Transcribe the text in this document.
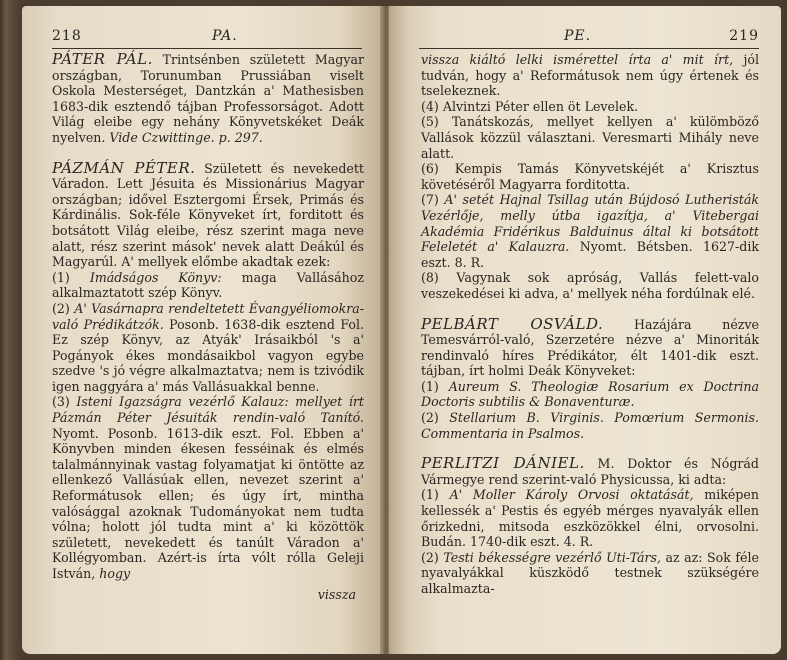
218	PA.

PÁTER PÁL. Trintsénben született Magyar országban, Torunumban Prussiában viselt Oskola Mesterséget, Dantzkán a' Mathesisben 1683-dik esztendő tájban Professorságot. Adott Világ eleibe egy nehány Könyvetskéket Deák nyelven. Vide Czwittinge. p. 297.

PÁZMÁN PÉTER. Született és nevekedett Váradon. Lett Jésuita és Missionárius Magyar országban; idővel Esztergomi Érsek, Primás és Kárdinális. Sok-féle Könyveket írt, forditott és botsátott Világ eleibe, rész szerint maga neve alatt, rész szerint mások' nevek alatt Deákúl és Magyarúl. A' mellyek előmbe akadtak ezek:

(1) Imádságos Könyv: maga Vallásához alkalmaztatott szép Könyv.

(2) A' Vasárnapra rendeltetett Évangyéliomokra-való Prédikátzók. Posonb. 1638-dik esztend Fol. Ez szép Könyv, az Atyák' Irásaikból 's a' Pogányok ékes mondásaikbol vagyon egybe szedve 's jó végre alkalmaztatva; nem is tzivódik igen naggyára a' más Vallásuakkal benne.

(3) Isteni Igazságra vezérlő Kalauz: mellyet írt Pázmán Péter Jésuiták rendin-való Tanító. Nyomt. Posonb. 1613-dik eszt. Fol. Ebben a' Könyvben minden ékesen fesséinak és elmés talalmánnyinak vastag folyamatjat ki öntötte az ellenkező Vallásúak ellen, nevezet szerint a' Reformátusok ellen; és úgy írt, mintha valósággal azoknak Tudományokat nem tudta vólna; holott jól tudta mint a' ki közöttök született, nevekedett és tanúlt Váradon a' Kollégyomban. Azért-is írta vólt rólla Geleji István, hogy

vissza
PE.	219

vissza kiáltó lelki ismérettel írta a' mit írt, jól tudván, hogy a' Reformátusok nem úgy értenek és tselekeznek.

(4) Alvintzi Péter ellen öt Levelek.

(5) Tanátskozás, mellyet kellyen a' külömböző Vallások közzül választani. Veresmarti Mihály neve alatt.

(6) Kempis Tamás Könyvetskéjét a' Krisztus követéséről Magyarra forditotta.

(7) A' setét Hajnal Tsillag után Bújdosó Lutheristák Vezérlője, melly útba igazítja, a' Vitebergai Akadémia Fridérikus Balduinus által ki botsátott Feleletét a' Kalauzra. Nyomt. Bétsben. 1627-dik eszt. 8. R.

(8) Vagynak sok apróság, Vallás felett-valo veszekedései ki adva, a' mellyek néha fordúlnak elé.

PELBÁRT OSVÁLD. Hazájára nézve Temesvárról-való, Szerzetére nézve a' Minoriták rendinvaló híres Prédikátor, élt 1401-dik eszt. tájban, írt holmi Deák Könyveket:

(1) Aureum S. Theologiæ Rosarium ex Doctrina Doctoris subtilis & Bonaventuræ.

(2) Stellarium B. Virginis. Pomœrium Sermonis. Commentaria in Psalmos.

PERLITZI DÁNIEL. M. Doktor és Nógrád Vármegye rend szerint-való Physicussa, ki adta:

(1) A' Moller Károly Orvosi oktatását, miképen kellessék a' Pestis és egyéb mérges nyavalyák ellen őrizkedni, mitsoda eszközökkel élni, orvosolni. Budán. 1740-dik eszt. 4. R.

(2) Testi békességre vezérlő Uti-Társ, az az: Sok féle nyavalyákkal küszködő testnek szükségére alkalmazta-
